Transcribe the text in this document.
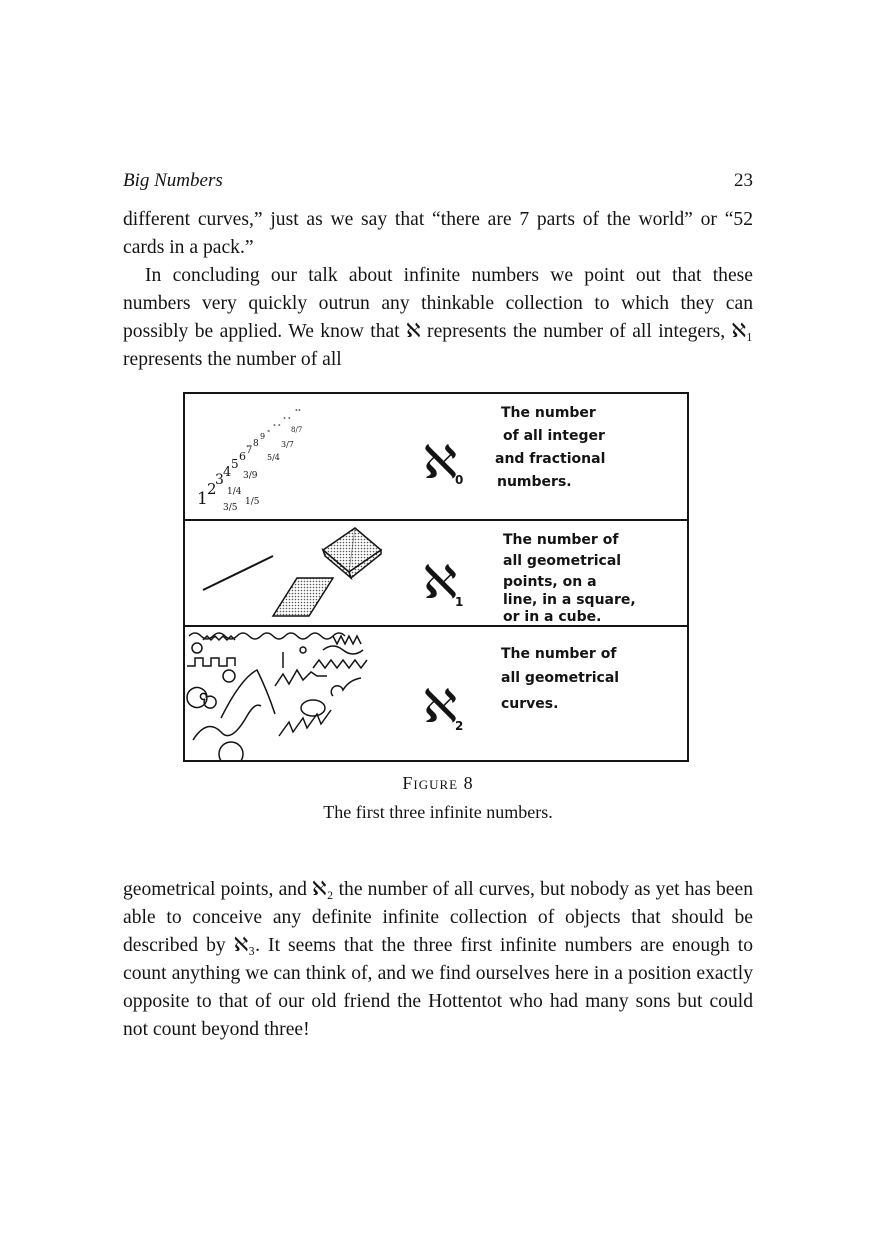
Big Numbers	23

different curves,” just as we say that “there are 7 parts of the world” or “52 cards in a pack.”

In concluding our talk about infinite numbers we point out that these numbers very quickly outrun any thinkable collection to which they can possibly be applied. We know that ℵ represents the number of all integers, ℵ₁ represents the number of all

1 2
3 4
5
6 7
8
9
∘
∘ ∘
∘ ∘
∘∘
1/4
3/5
1/5
3/9
5/4
3/7
8/7
ℵ
0
The number
of all integer
and fractional
numbers.
ℵ
1
The number of
all geometrical
points, on a
line, in a square,
or in a cube.
ℵ
2
The number of
all geometrical
curves.
Figure 8
The first three infinite numbers.

geometrical points, and ℵ₂ the number of all curves, but nobody as yet has been able to conceive any definite infinite collection of objects that should be described by ℵ₃. It seems that the three first infinite numbers are enough to count anything we can think of, and we find ourselves here in a position exactly opposite to that of our old friend the Hottentot who had many sons but could not count beyond three!
